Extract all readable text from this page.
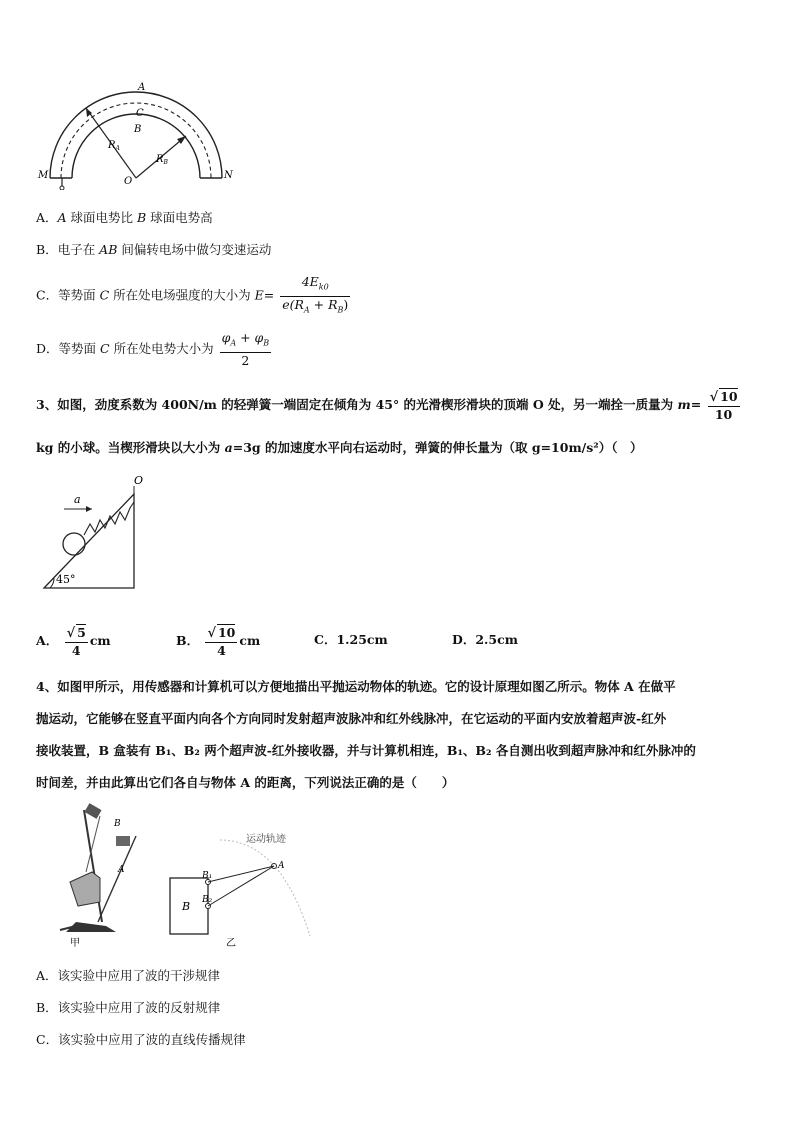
A
C
B
$R_A$
$R_B$
O
M	N
A．A 球面电势比 B 球面电势高
B．电子在 AB 间偏转电场中做匀变速运动
C．等势面 C 所在处电场强度的大小为 $E= \frac{4E_{k0}}{e(R_A + R_B)}$
D．等势面 C 所在处电势大小为 $\frac{\varphi_A + \varphi_B}{2}$
3、如图，劲度系数为 400N/m 的轻弹簧一端固定在倾角为 45° 的光滑楔形滑块的顶端 O 处，另一端拴一质量为 $m= \frac{√ 10}{10}$
kg 的小球。当楔形滑块以大小为 a=3g 的加速度水平向右运动时，弹簧的伸长量为（取 g=10m/s²）（　）
a
O
45°
A． $\frac{√ 5}{4}$ cm	B． $\frac{√ 10}{4}$ cm	C．1.25cm	D．2.5cm
4、如图甲所示，用传感器和计算机可以方便地描出平抛运动物体的轨迹。它的设计原理如图乙所示。物体 A 在做平
抛运动，它能够在竖直平面内向各个方向同时发射超声波脉冲和红外线脉冲，在它运动的平面内安放着超声波-红外
接收装置，B 盒装有 B₁、B₂ 两个超声波-红外接收器，并与计算机相连，B₁、B₂ 各自测出收到超声脉冲和红外脉冲的
时间差，并由此算出它们各自与物体 A 的距离，下列说法正确的是（　　）
B
A
甲
运动轨迹
B
B₁
B₂
A
乙
A．该实验中应用了波的干涉规律
B．该实验中应用了波的反射规律
C．该实验中应用了波的直线传播规律
